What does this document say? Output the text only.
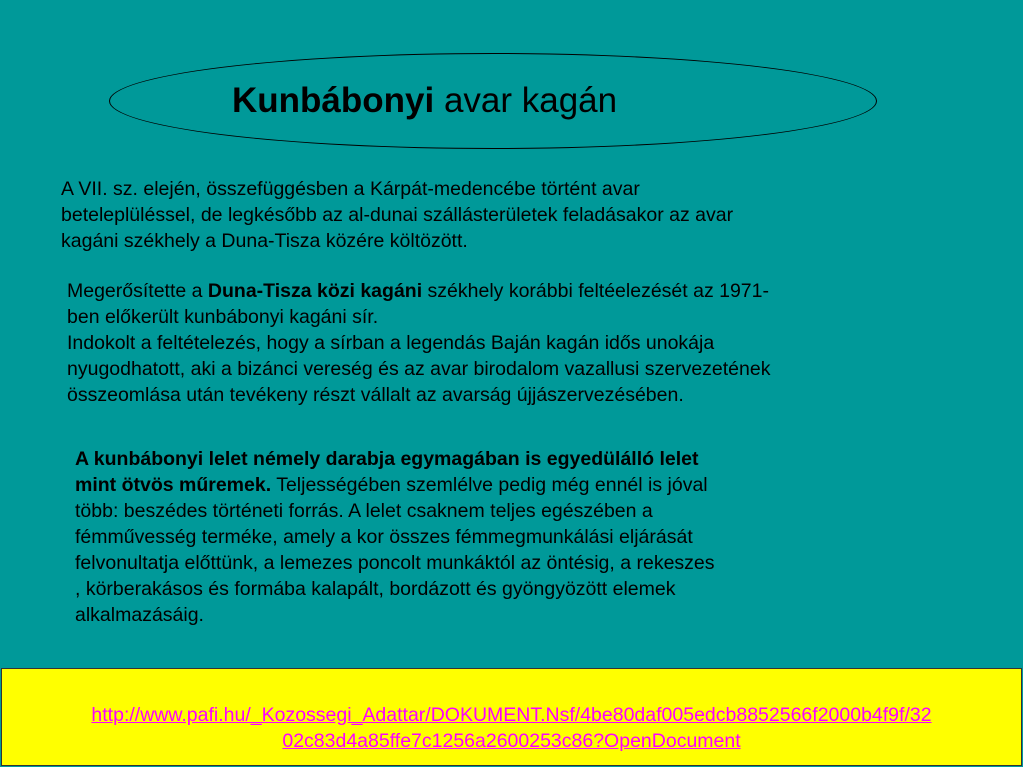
Kunbábonyi avar kagán
A VII. sz. elején, összefüggésben a Kárpát-medencébe történt avar
beteleplüléssel, de legkésőbb az al-dunai szállásterületek feladásakor az avar
kagáni székhely a Duna-Tisza közére költözött.
Megerősítette a Duna-Tisza közi kagáni székhely korábbi feltéelezését az 1971-
ben előkerült kunbábonyi kagáni sír.
Indokolt a feltételezés, hogy a sírban a legendás Baján kagán idős unokája
nyugodhatott, aki a bizánci vereség és az avar birodalom vazallusi szervezetének
összeomlása után tevékeny részt vállalt az avarság újjászervezésében.
A kunbábonyi lelet némely darabja egymagában is egyedülálló lelet
mint ötvös műremek. Teljességében szemlélve pedig még ennél is jóval
több: beszédes történeti forrás. A lelet csaknem teljes egészében a
fémművesség terméke, amely a kor összes fémmegmunkálási eljárását
felvonultatja előttünk, a lemezes poncolt munkáktól az öntésig, a rekeszes
, körberakásos és formába kalapált, bordázott és gyöngyözött elemek
alkalmazásáig.
http://www.pafi.hu/_Kozossegi_Adattar/DOKUMENT.Nsf/4be80daf005edcb8852566f2000b4f9f/32
02c83d4a85ffe7c1256a2600253c86?OpenDocument
